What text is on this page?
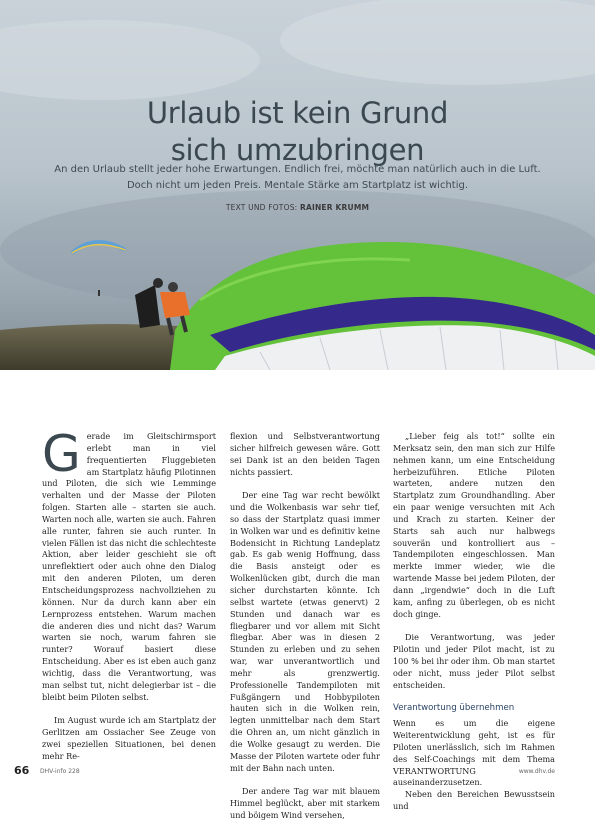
Urlaub ist kein Grund
sich umzubringen
An den Urlaub stellt jeder hohe Erwartungen. Endlich frei, möchte man natürlich auch in die Luft. Doch nicht um jeden Preis. Mentale Stärke am Startplatz ist wichtig.
TEXT UND FOTOS: RAINER KRUMM
G erade im Gleitschirmsport erlebt man in viel frequentierten Fluggebieten am Startplatz häufig Pilotinnen und Piloten, die sich wie Lemminge verhalten und der Masse der Piloten folgen. Starten alle – starten sie auch. Warten noch alle, warten sie auch. Fahren alle runter, fahren sie auch runter. In vielen Fällen ist das nicht die schlechteste Aktion, aber leider geschieht sie oft unreflektiert oder auch ohne den Dialog mit den anderen Piloten, um deren Entscheidungsprozess nachvollziehen zu können. Nur da durch kann aber ein Lernprozess entstehen. Warum machen die anderen dies und nicht das? Warum warten sie noch, warum fahren sie runter? Worauf basiert diese Entscheidung. Aber es ist eben auch ganz wichtig, dass die Verantwortung, was man selbst tut, nicht delegierbar ist – die bleibt beim Piloten selbst.

Im August wurde ich am Startplatz der Gerlitzen am Ossiacher See Zeuge von zwei speziellen Situationen, bei denen mehr Re-

flexion und Selbstverantwortung sicher hilfreich gewesen wäre. Gott sei Dank ist an den beiden Tagen nichts passiert.

Der eine Tag war recht bewölkt und die Wolkenbasis war sehr tief, so dass der Startplatz quasi immer in Wolken war und es definitiv keine Bodensicht in Richtung Landeplatz gab. Es gab wenig Hoffnung, dass die Basis ansteigt oder es Wolkenlücken gibt, durch die man sicher durchstarten könnte. Ich selbst wartete (etwas genervt) 2 Stunden und danach war es fliegbarer und vor allem mit Sicht fliegbar. Aber was in diesen 2 Stunden zu erleben und zu sehen war, war unverantwortlich und mehr als grenzwertig. Professionelle Tandempiloten mit Fußgängern und Hobbypiloten hauten sich in die Wolken rein, legten unmittelbar nach dem Start die Ohren an, um nicht gänzlich in die Wolke gesaugt zu werden. Die Masse der Piloten wartete oder fuhr mit der Bahn nach unten.

Der andere Tag war mit blauem Himmel beglückt, aber mit starkem und böigem Wind versehen,

„Lieber feig als tot!“ sollte ein Merksatz sein, den man sich zur Hilfe nehmen kann, um eine Entscheidung herbeizuführen. Etliche Piloten warteten, andere nutzen den Startplatz zum Groundhandling. Aber ein paar wenige versuchten mit Ach und Krach zu starten. Keiner der Starts sah auch nur halbwegs souverän und kontrolliert aus – Tandempiloten eingeschlossen. Man merkte immer wieder, wie die wartende Masse bei jedem Piloten, der dann „irgendwie“ doch in die Luft kam, anfing zu überlegen, ob es nicht doch ginge.

Die Verantwortung, was jeder Pilotin und jeder Pilot macht, ist zu 100 % bei ihr oder ihm. Ob man startet oder nicht, muss jeder Pilot selbst entscheiden.

Verantwortung übernehmen

Wenn es um die eigene Weiterentwicklung geht, ist es für Piloten unerlässlich, sich im Rahmen des Self-Coachings mit dem Thema VERANTWORTUNG auseinanderzusetzen.

Neben den Bereichen Bewusstsein und

66 DHV-info 228	www.dhv.de
